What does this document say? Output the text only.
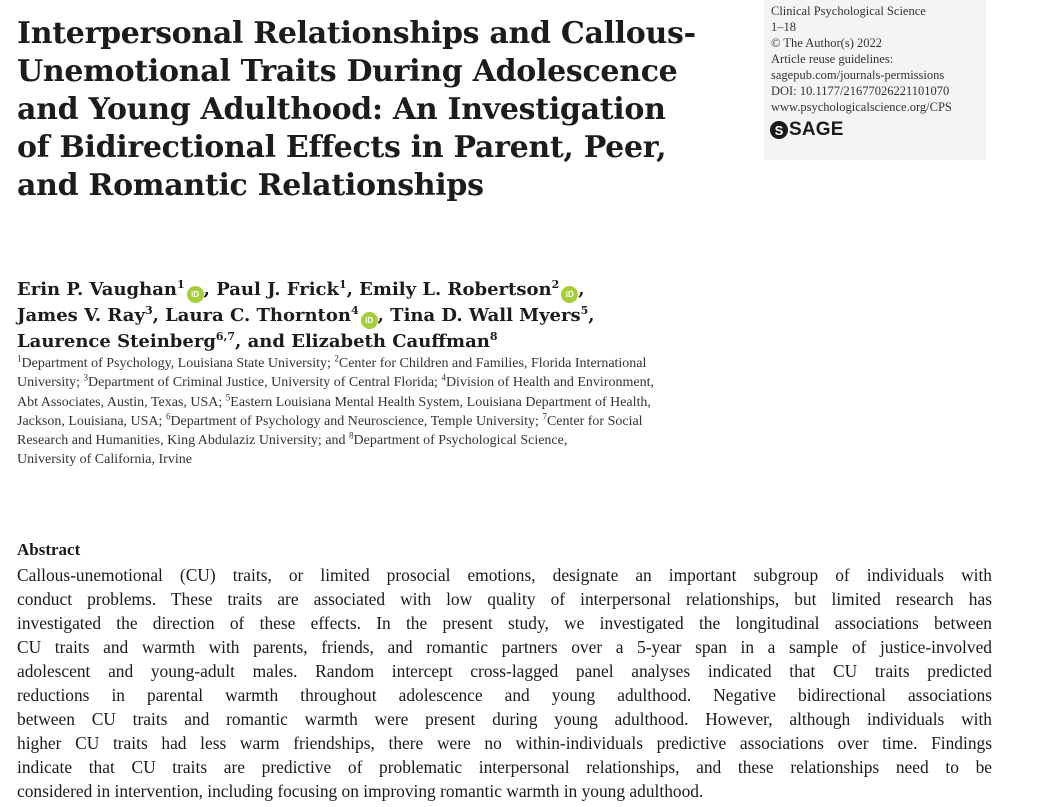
Interpersonal Relationships and Callous-
Unemotional Traits During Adolescence
and Young Adulthood: An Investigation
of Bidirectional Effects in Parent, Peer,
and Romantic Relationships
Clinical Psychological Science
1–18
© The Author(s) 2022
Article reuse guidelines:
sagepub.com/journals-permissions
DOI: 10.1177/21677026221101070
www.psychologicalscience.org/CPS
S SAGE
Erin P. Vaughan$^1$iD , Paul J. Frick$^1$, Emily L. Robertson$^2$iD ,
James V. Ray$^3$, Laura C. Thornton$^4$iD , Tina D. Wall Myers$^5$,
Laurence Steinberg$^{6,7}$, and Elizabeth Cauffman$^8$
$^1$Department of Psychology, Louisiana State University; $^2$Center for Children and Families, Florida International
University; $^3$Department of Criminal Justice, University of Central Florida; $^4$Division of Health and Environment,
Abt Associates, Austin, Texas, USA; $^5$Eastern Louisiana Mental Health System, Louisiana Department of Health,
Jackson, Louisiana, USA; $^6$Department of Psychology and Neuroscience, Temple University; $^7$Center for Social
Research and Humanities, King Abdulaziz University; and $^8$Department of Psychological Science,
University of California, Irvine
Abstract
Callous-unemotional (CU) traits, or limited prosocial emotions, designate an important subgroup of individuals with
conduct problems. These traits are associated with low quality of interpersonal relationships, but limited research has
investigated the direction of these effects. In the present study, we investigated the longitudinal associations between
CU traits and warmth with parents, friends, and romantic partners over a 5-year span in a sample of justice-involved
adolescent and young-adult males. Random intercept cross-lagged panel analyses indicated that CU traits predicted
reductions in parental warmth throughout adolescence and young adulthood. Negative bidirectional associations
between CU traits and romantic warmth were present during young adulthood. However, although individuals with
higher CU traits had less warm friendships, there were no within-individuals predictive associations over time. Findings
indicate that CU traits are predictive of problematic interpersonal relationships, and these relationships need to be
considered in intervention, including focusing on improving romantic warmth in young adulthood.
